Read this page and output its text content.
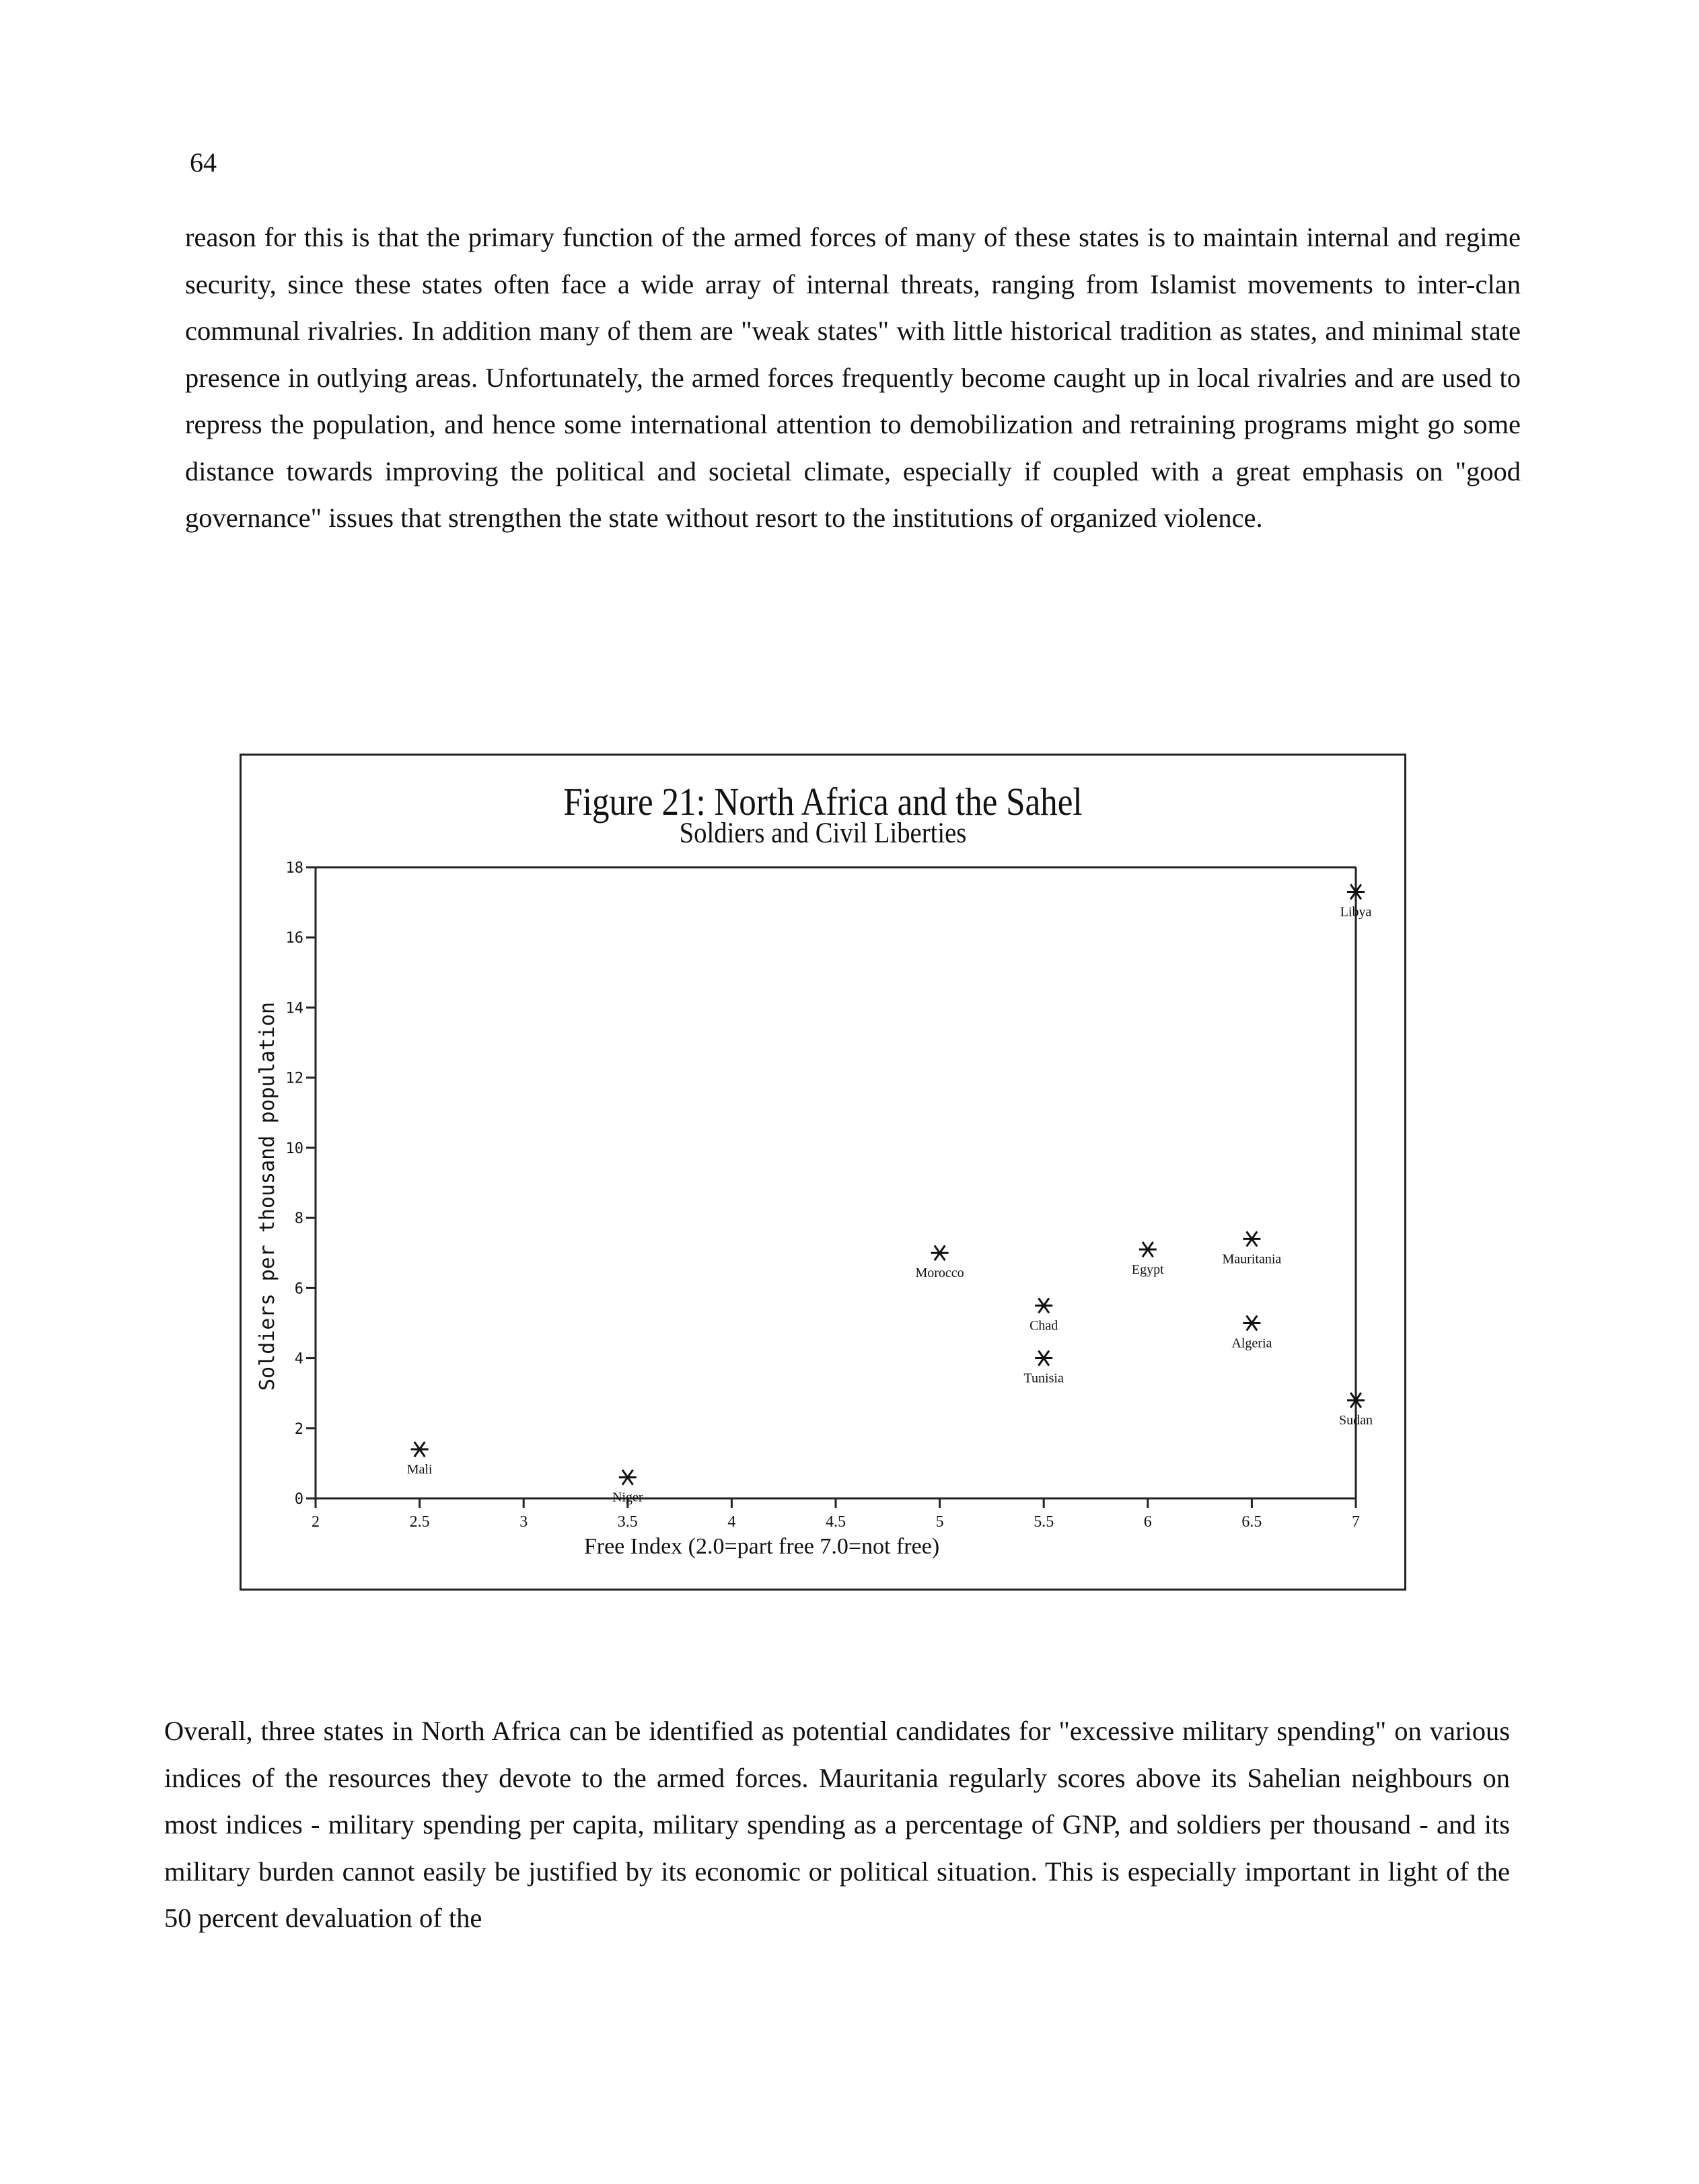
64

reason for this is that the primary function of the armed forces of many of these states is to maintain internal and regime security, since these states often face a wide array of internal threats, ranging from Islamist movements to inter-clan communal rivalries. In addition many of them are "weak states" with little historical tradition as states, and minimal state presence in outlying areas. Unfortunately, the armed forces frequently become caught up in local rivalries and are used to repress the population, and hence some international attention to demobilization and retraining programs might go some distance towards improving the political and societal climate, especially if coupled with a great emphasis on "good governance" issues that strengthen the state without resort to the institutions of organized violence.

Figure 21: North Africa and the Sahel
Soldiers and Civil Liberties
0
2
4
6
8
10
12
14
16
18
2	2.5	3	3.5	4	4.5	5	5.5	6	6.5	7
Free Index (2.0=part free 7.0=not free)
Soldiers per thousand population
Mali
Niger
Morocco
Chad
Tunisia
Egypt
Mauritania
Algeria
Libya
Sudan

Overall, three states in North Africa can be identified as potential candidates for "excessive military spending" on various indices of the resources they devote to the armed forces. Mauritania regularly scores above its Sahelian neighbours on most indices - military spending per capita, military spending as a percentage of GNP, and soldiers per thousand - and its military burden cannot easily be justified by its economic or political situation. This is especially important in light of the 50 percent devaluation of the
